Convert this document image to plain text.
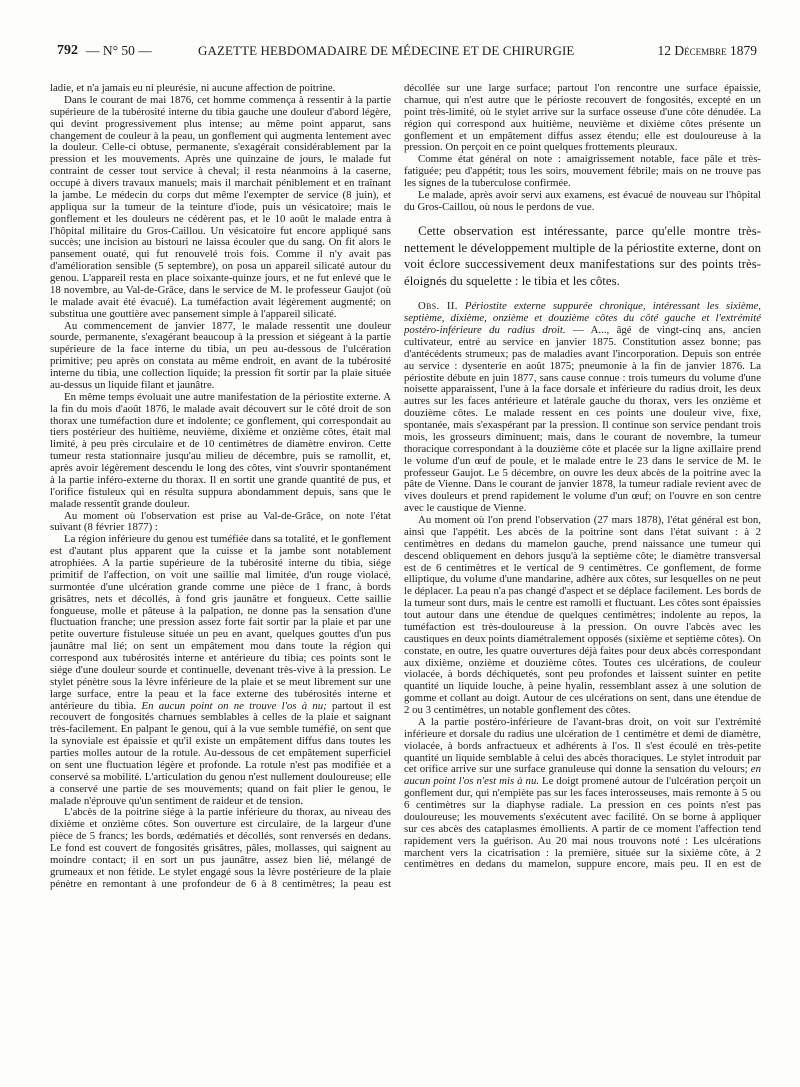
792 — N° 50 —	GAZETTE HEBDOMADAIRE DE MÉDECINE ET DE CHIRURGIE	12 Décembre 1879

ladie, et n'a jamais eu ni pleurésie, ni aucune affection de poitrine.

Dans le courant de mai 1876, cet homme commença à ressentir à la partie supérieure de la tubérosité interne du tibia gauche une douleur d'abord légère, qui devint progressivement plus intense; au même point apparut, sans changement de couleur à la peau, un gonflement qui augmenta lentement avec la douleur. Celle-ci obtuse, permanente, s'exagérait considérablement par la pression et les mouvements. Après une quinzaine de jours, le malade fut contraint de cesser tout service à cheval; il resta néanmoins à la caserne, occupé à divers travaux manuels; mais il marchait péniblement et en traînant la jambe. Le médecin du corps dut même l'exempter de service (8 juin), et appliqua sur la tumeur de la teinture d'iode, puis un vésicatoire; mais le gonflement et les douleurs ne cédèrent pas, et le 10 août le malade entra à l'hôpital militaire du Gros-Caillou. Un vésicatoire fut encore appliqué sans succès; une incision au bistouri ne laissa écouler que du sang. On fit alors le pansement ouaté, qui fut renouvelé trois fois. Comme il n'y avait pas d'amélioration sensible (5 septembre), on posa un appareil silicaté autour du genou. L'appareil resta en place soixante-quinze jours, et ne fut enlevé que le 18 novembre, au Val-de-Grâce, dans le service de M. le professeur Gaujot (où le malade avait été évacué). La tuméfaction avait légèrement augmenté; on substitua une gouttière avec pansement simple à l'appareil silicaté.

Au commencement de janvier 1877, le malade ressentit une douleur sourde, permanente, s'exagérant beaucoup à la pression et siégeant à la partie supérieure de la face interne du tibia, un peu au-dessous de l'ulcération primitive; peu après on constata au même endroit, en avant de la tubérosité interne du tibia, une collection liquide; la pression fit sortir par la plaie située au-dessus un liquide filant et jaunâtre.

En même temps évoluait une autre manifestation de la périostite externe. A la fin du mois d'août 1876, le malade avait découvert sur le côté droit de son thorax une tuméfaction dure et indolente; ce gonflement, qui correspondait au tiers postérieur des huitième, neuvième, dixième et onzième côtes, était mal limité, à peu près circulaire et de 10 centimètres de diamètre environ. Cette tumeur resta stationnaire jusqu'au milieu de décembre, puis se ramollit, et, après avoir légèrement descendu le long des côtes, vint s'ouvrir spontanément à la partie inféro-externe du thorax. Il en sortit une grande quantité de pus, et l'orifice fistuleux qui en résulta suppura abondamment depuis, sans que le malade ressentît grande douleur.

Au moment où l'observation est prise au Val-de-Grâce, on note l'état suivant (8 février 1877) :

La région inférieure du genou est tuméfiée dans sa totalité, et le gonflement est d'autant plus apparent que la cuisse et la jambe sont notablement atrophiées. A la partie supérieure de la tubérosité interne du tibia, siége primitif de l'affection, on voit une saillie mal limitée, d'un rouge violacé, surmontée d'une ulcération grande comme une pièce de 1 franc, à bords grisâtres, nets et décollés, à fond gris jaunâtre et fongueux. Cette saillie fongueuse, molle et pâteuse à la palpation, ne donne pas la sensation d'une fluctuation franche; une pression assez forte fait sortir par la plaie et par une petite ouverture fistuleuse située un peu en avant, quelques gouttes d'un pus jaunâtre mal lié; on sent un empâtement mou dans toute la région qui correspond aux tubérosités interne et antérieure du tibia; ces points sont le siége d'une douleur sourde et continuelle, devenant très-vive à la pression. Le stylet pénètre sous la lèvre inférieure de la plaie et se meut librement sur une large surface, entre la peau et la face externe des tubérosités interne et antérieure du tibia. En aucun point on ne trouve l'os à nu; partout il est recouvert de fongosités charnues semblables à celles de la plaie et saignant très-facilement. En palpant le genou, qui à la vue semble tuméfié, on sent que la synoviale est épaissie et qu'il existe un empâtement diffus dans toutes les parties molles autour de la rotule. Au-dessous de cet empâtement superficiel on sent une fluctuation légère et profonde. La rotule n'est pas modifiée et a conservé sa mobilité. L'articulation du genou n'est nullement douloureuse; elle a conservé une partie de ses mouvements; quand on fait plier le genou, le malade n'éprouve qu'un sentiment de raideur et de tension.

L'abcès de la poitrine siége à la partie inférieure du thorax, au niveau des dixième et onzième côtes. Son ouverture est circulaire, de la largeur d'une pièce de 5 francs; les bords, œdématiés et décollés, sont renversés en dedans. Le fond est couvert de fongosités grisâtres, pâles, mollasses, qui saignent au moindre contact; il en sort un pus jaunâtre, assez bien lié, mélangé de grumeaux et non fétide. Le stylet engagé sous la lèvre postérieure de la plaie pénètre en remontant à une profondeur de 6 à 8 centimètres; la peau est

décollée sur une large surface; partout l'on rencontre une surface épaissie, charnue, qui n'est autre que le périoste recouvert de fongosités, excepté en un point très-limité, où le stylet arrive sur la surface osseuse d'une côte dénudée. La région qui correspond aux huitième, neuvième et dixième côtes présente un gonflement et un empâtement diffus assez étendu; elle est douloureuse à la pression. On perçoit en ce point quelques frottements pleuraux.

Comme état général on note : amaigrissement notable, face pâle et très-fatiguée; peu d'appétit; tous les soirs, mouvement fébrile; mais on ne trouve pas les signes de la tuberculose confirmée.

Le malade, après avoir servi aux examens, est évacué de nouveau sur l'hôpital du Gros-Caillou, où nous le perdons de vue.

Cette observation est intéressante, parce qu'elle montre très-nettement le développement multiple de la périostite externe, dont on voit éclore successivement deux manifestations sur des points très-éloignés du squelette : le tibia et les côtes.

Obs. II. Périostite externe suppurée chronique, intéressant les sixième, septième, dixième, onzième et douzième côtes du côté gauche et l'extrémité postéro-inférieure du radius droit. — A..., âgé de vingt-cinq ans, ancien cultivateur, entré au service en janvier 1875. Constitution assez bonne; pas d'antécédents strumeux; pas de maladies avant l'incorporation. Depuis son entrée au service : dysenterie en août 1875; pneumonie à la fin de janvier 1876. La périostite débute en juin 1877, sans cause connue : trois tumeurs du volume d'une noisette apparaissent, l'une à la face dorsale et inférieure du radius droit, les deux autres sur les faces antérieure et latérale gauche du thorax, vers les onzième et douzième côtes. Le malade ressent en ces points une douleur vive, fixe, spontanée, mais s'exaspérant par la pression. Il continue son service pendant trois mois, les grosseurs diminuent; mais, dans le courant de novembre, la tumeur thoracique correspondant à la douzième côte et placée sur la ligne axillaire prend le volume d'un œuf de poule, et le malade entre le 23 dans le service de M. le professeur Gaujot. Le 5 décembre, on ouvre les deux abcès de la poitrine avec la pâte de Vienne. Dans le courant de janvier 1878, la tumeur radiale revient avec de vives douleurs et prend rapidement le volume d'un œuf; on l'ouvre en son centre avec le caustique de Vienne.

Au moment où l'on prend l'observation (27 mars 1878), l'état général est bon, ainsi que l'appétit. Les abcès de la poitrine sont dans l'état suivant : à 2 centimètres en dedans du mamelon gauche, prend naissance une tumeur qui descend obliquement en dehors jusqu'à la septième côte; le diamètre transversal est de 6 centimètres et le vertical de 9 centimètres. Ce gonflement, de forme elliptique, du volume d'une mandarine, adhère aux côtes, sur lesquelles on ne peut le déplacer. La peau n'a pas changé d'aspect et se déplace facilement. Les bords de la tumeur sont durs, mais le centre est ramolli et fluctuant. Les côtes sont épaissies tout autour dans une étendue de quelques centimètres; indolente au repos, la tuméfaction est très-douloureuse à la pression. On ouvre l'abcès avec les caustiques en deux points diamétralement opposés (sixième et septième côtes). On constate, en outre, les quatre ouvertures déjà faites pour deux abcès correspondant aux dixième, onzième et douzième côtes. Toutes ces ulcérations, de couleur violacée, à bords déchiquetés, sont peu profondes et laissent suinter en petite quantité un liquide louche, à peine hyalin, ressemblant assez à une solution de gomme et collant au doigt. Autour de ces ulcérations on sent, dans une étendue de 2 ou 3 centimètres, un notable gonflement des côtes.

A la partie postéro-inférieure de l'avant-bras droit, on voit sur l'extrémité inférieure et dorsale du radius une ulcération de 1 centimètre et demi de diamètre, violacée, à bords anfractueux et adhérents à l'os. Il s'est écoulé en très-petite quantité un liquide semblable à celui des abcès thoraciques. Le stylet introduit par cet orifice arrive sur une surface granuleuse qui donne la sensation du velours; en aucun point l'os n'est mis à nu. Le doigt promené autour de l'ulcération perçoit un gonflement dur, qui n'empiète pas sur les faces interosseuses, mais remonte à 5 ou 6 centimètres sur la diaphyse radiale. La pression en ces points n'est pas douloureuse; les mouvements s'exécutent avec facilité. On se borne à appliquer sur ces abcès des cataplasmes émollients. A partir de ce moment l'affection tend rapidement vers la guérison. Au 20 mai nous trouvons noté : Les ulcérations marchent vers la cicatrisation : la première, située sur la sixième côte, à 2 centimètres en dedans du mamelon, suppure encore, mais peu. Il en est de
